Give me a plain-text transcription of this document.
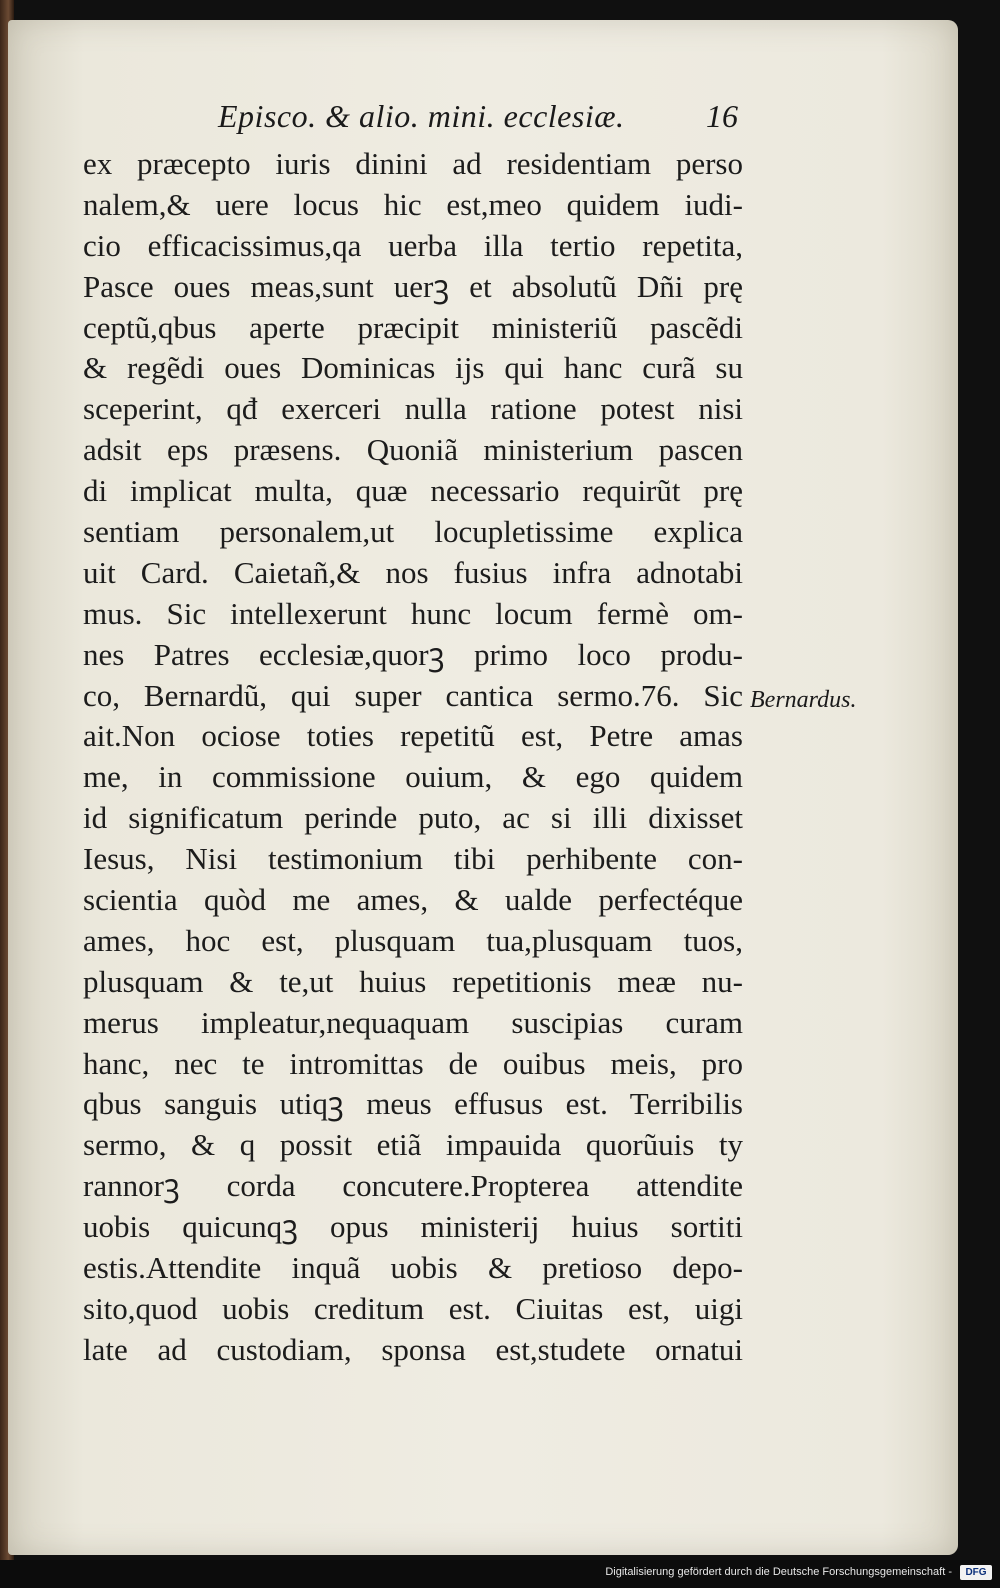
Episco. & alio. mini. ecclesiæ.	16
ex præcepto iuris dinini ad residentiam perso
nalem,& uere locus hic est,meo quidem iudi-
cio efficacissimus,qa uerba illa tertio repetita,
Pasce oues meas,sunt uerꝫ et absolutũ Dñi prę
ceptũ,qbus aperte præcipit ministeriũ pascẽdi
& regẽdi oues Dominicas ijs qui hanc curã su
sceperint, qđ exerceri nulla ratione potest nisi
adsit eps præsens. Quoniã ministerium pascen
di implicat multa, quæ necessario requirũt prę
sentiam personalem,ut locupletissime explica
uit Card. Caietañ,& nos fusius infra adnotabi
mus. Sic intellexerunt hunc locum fermè om-
nes Patres ecclesiæ,quorꝫ primo loco produ-
co, Bernardũ, qui super cantica sermo.76. Sic
ait.Non ociose toties repetitũ est, Petre amas
me, in commissione ouium, & ego quidem
id significatum perinde puto, ac si illi dixisset
Iesus, Nisi testimonium tibi perhibente con-
scientia quòd me ames, & ualde perfectéque
ames, hoc est, plusquam tua,plusquam tuos,
plusquam & te,ut huius repetitionis meæ nu-
merus impleatur,nequaquam suscipias curam
hanc, nec te intromittas de ouibus meis, pro
qbus sanguis utiqꝫ meus effusus est. Terribilis
sermo, & q possit etiã impauida quorũuis ty
rannorꝫ corda concutere.Propterea attendite
uobis quicunqꝫ opus ministerij huius sortiti
estis.Attendite inquã uobis & pretioso depo-
sito,quod uobis creditum est. Ciuitas est, uigi
late ad custodiam, sponsa est,studete ornatui
Bernardus.
Digitalisierung gefördert durch die Deutsche Forschungsgemeinschaft -	DFG
